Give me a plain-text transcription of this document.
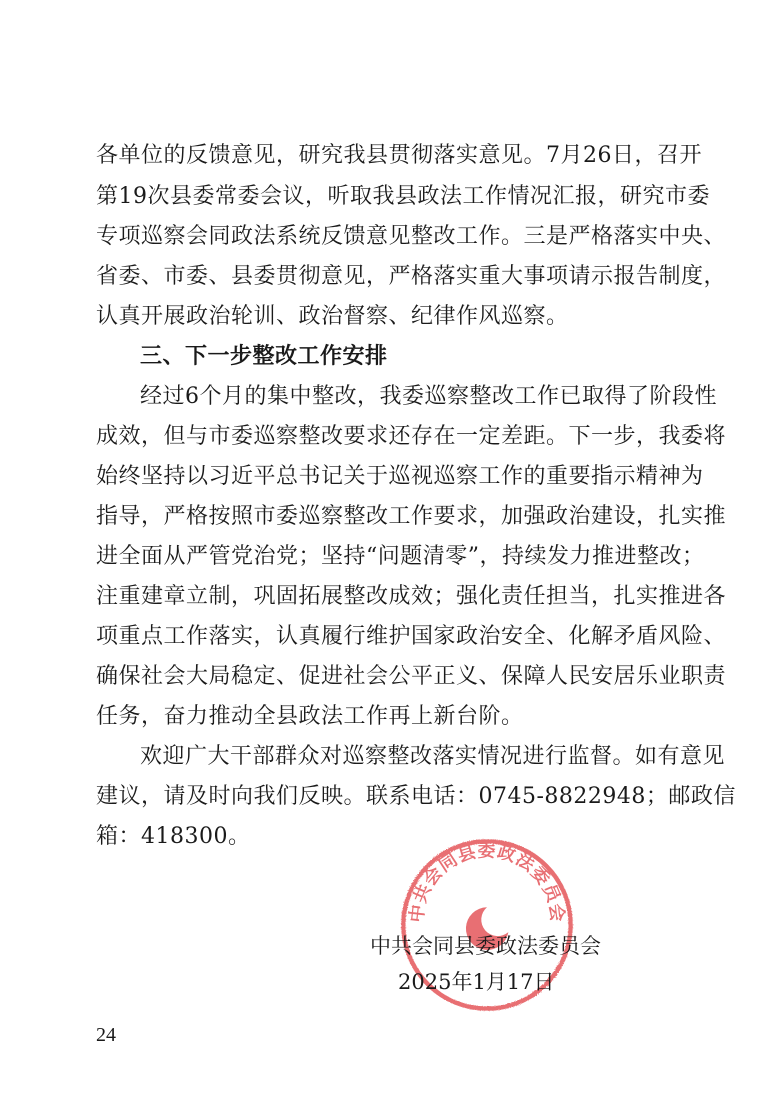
各单位的反馈意见，研究我县贯彻落实意见。7月26日，召开
第19次县委常委会议，听取我县政法工作情况汇报，研究市委
专项巡察会同政法系统反馈意见整改工作。三是严格落实中央、
省委、市委、县委贯彻意见，严格落实重大事项请示报告制度，
认真开展政治轮训、政治督察、纪律作风巡察。
三、下一步整改工作安排
经过6个月的集中整改，我委巡察整改工作已取得了阶段性
成效，但与市委巡察整改要求还存在一定差距。下一步，我委将
始终坚持以习近平总书记关于巡视巡察工作的重要指示精神为
指导，严格按照市委巡察整改工作要求，加强政治建设，扎实推
进全面从严管党治党；坚持“问题清零”，持续发力推进整改；
注重建章立制，巩固拓展整改成效；强化责任担当，扎实推进各
项重点工作落实，认真履行维护国家政治安全、化解矛盾风险、
确保社会大局稳定、促进社会公平正义、保障人民安居乐业职责
任务，奋力推动全县政法工作再上新台阶。
欢迎广大干部群众对巡察整改落实情况进行监督。如有意见
建议，请及时向我们反映。联系电话：0745-8822948；邮政信
箱：418300。
中共会同县委政法委员会
中共会同县委政法委员会
2025年1月17日
24
